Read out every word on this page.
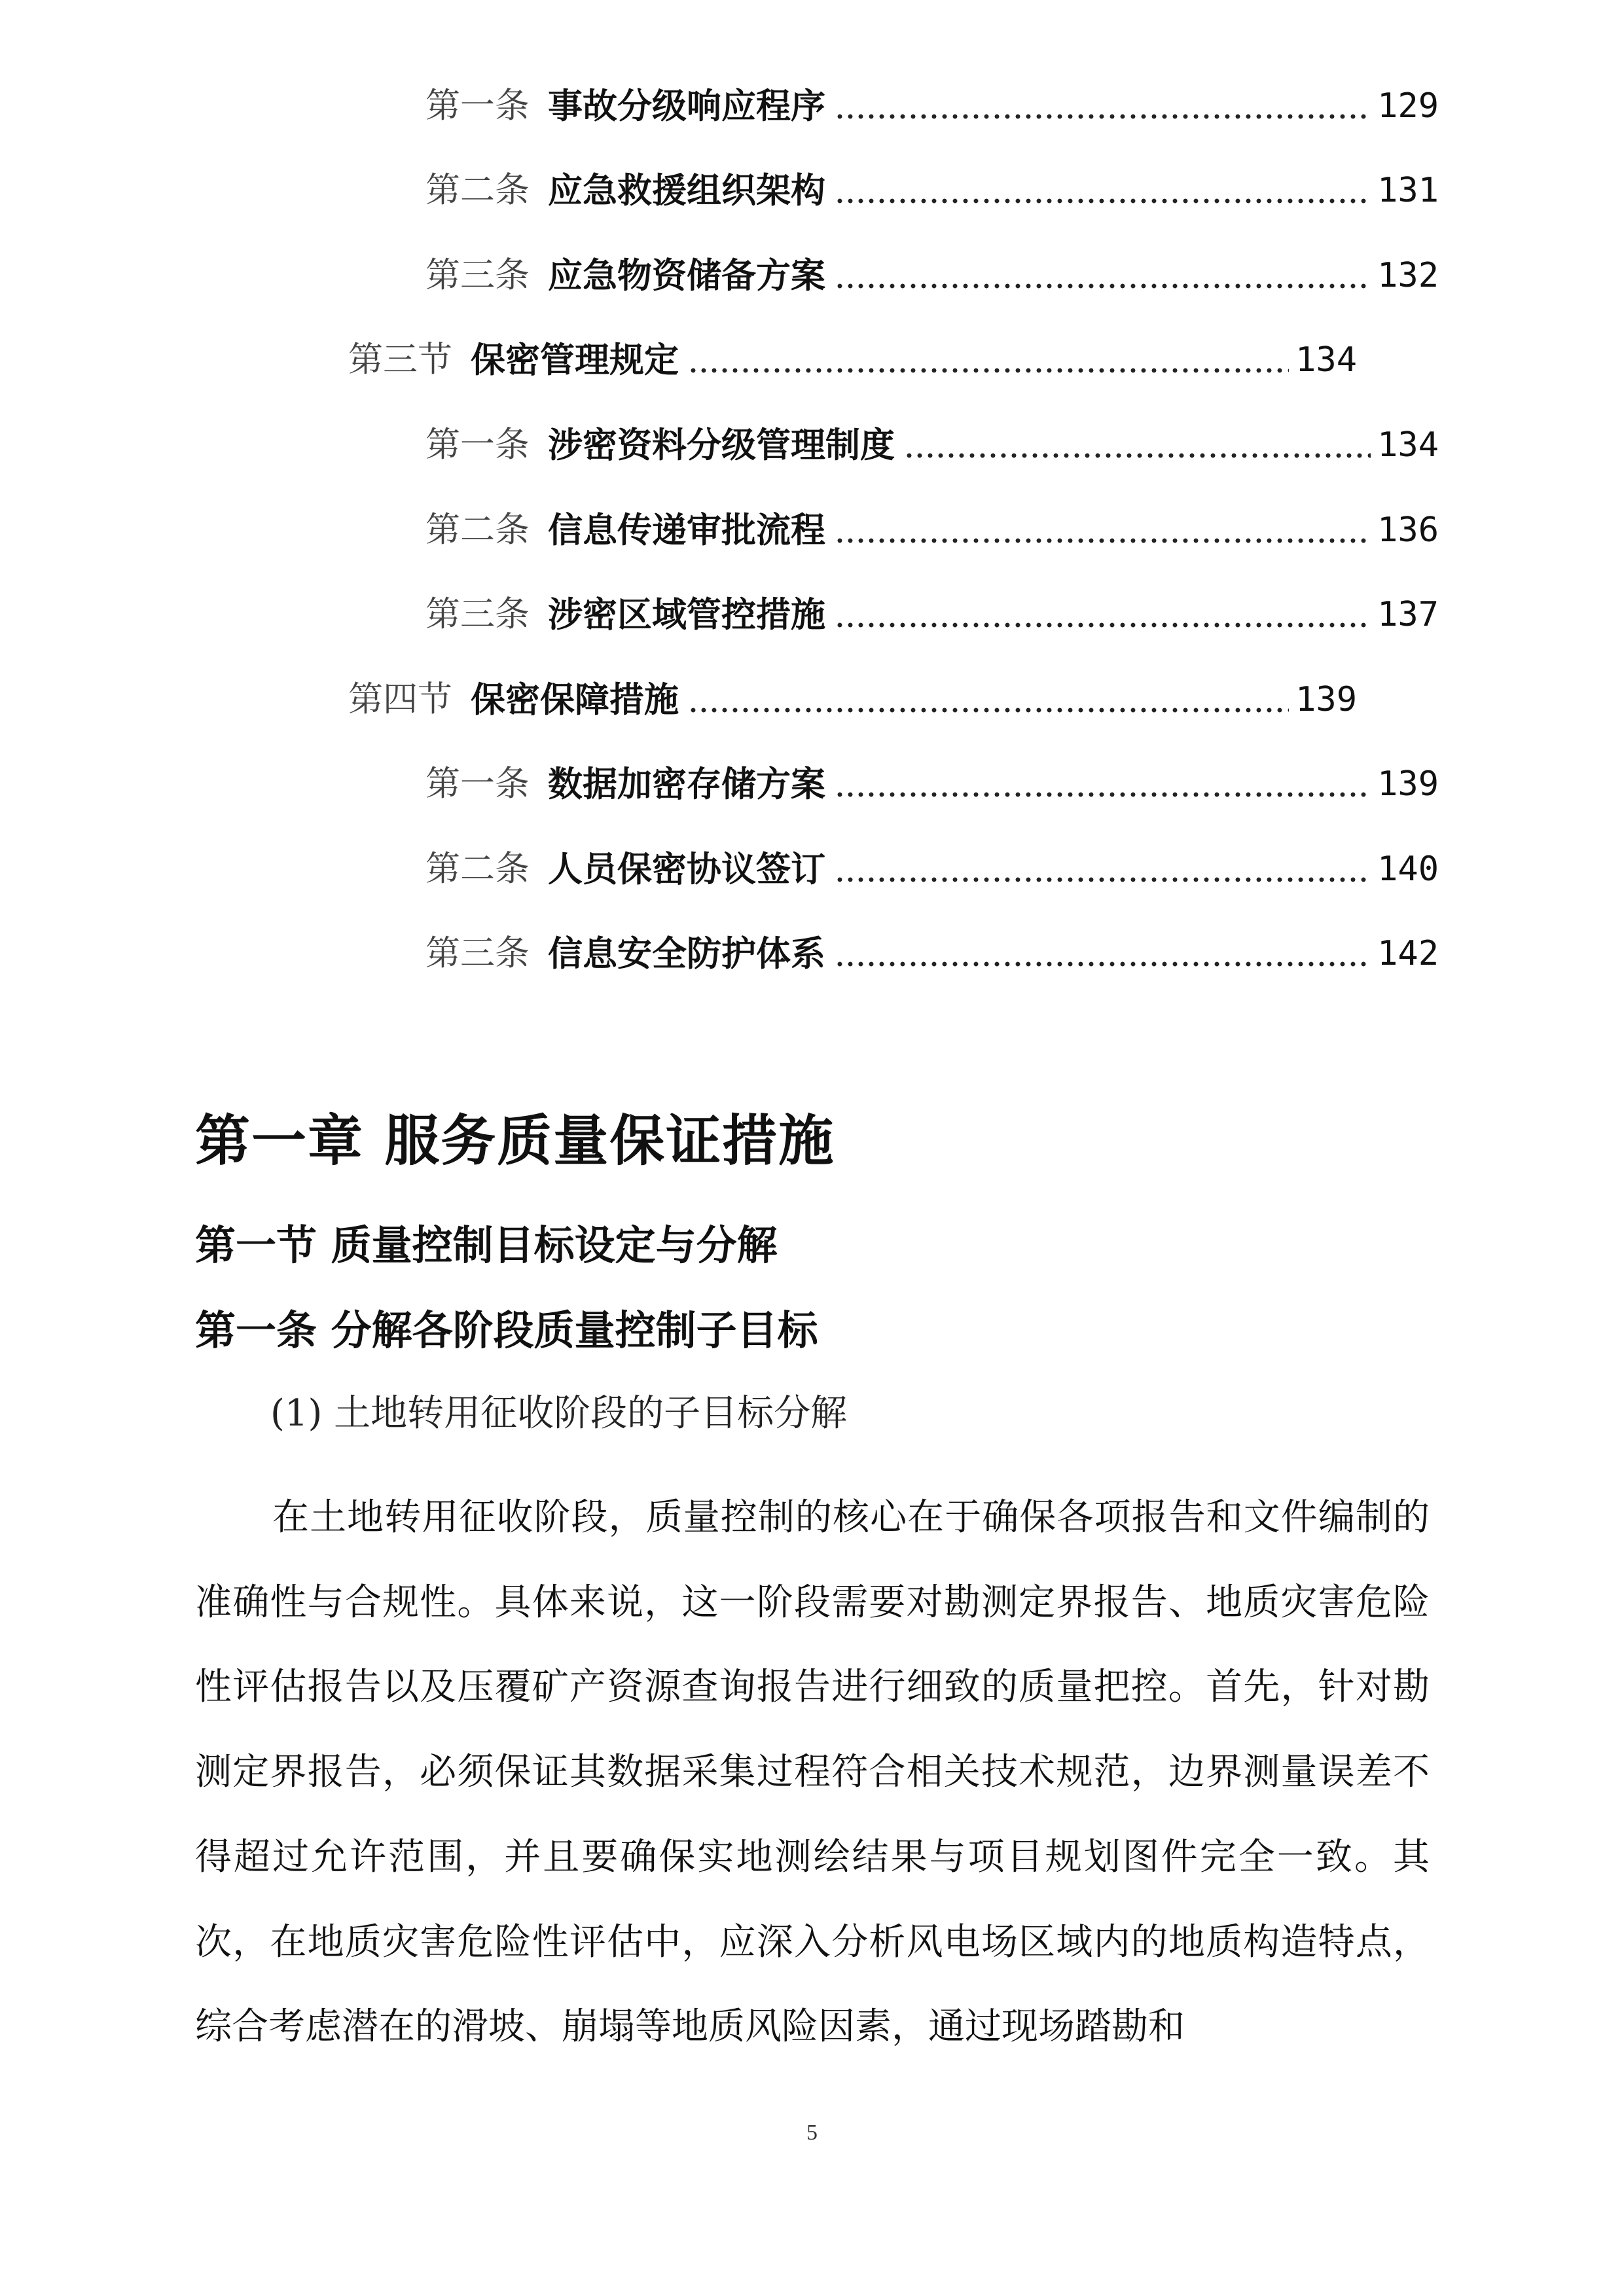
第一条 事故分级响应程序	129
第二条 应急救援组织架构	131
第三条 应急物资储备方案	132
第三节 保密管理规定	134
第一条 涉密资料分级管理制度	134
第二条 信息传递审批流程	136
第三条 涉密区域管控措施	137
第四节 保密保障措施	139
第一条 数据加密存储方案	139
第二条 人员保密协议签订	140
第三条 信息安全防护体系	142
第一章 服务质量保证措施
第一节 质量控制目标设定与分解
第一条 分解各阶段质量控制子目标

(1) 土地转用征收阶段的子目标分解

在土地转用征收阶段，质量控制的核心在于确保各项报告和文件编制的准确性与合规性。具体来说，这一阶段需要对勘测定界报告、地质灾害危险性评估报告以及压覆矿产资源查询报告进行细致的质量把控。首先，针对勘测定界报告，必须保证其数据采集过程符合相关技术规范，边界测量误差不得超过允许范围，并且要确保实地测绘结果与项目规划图件完全一致。其次，在地质灾害危险性评估中，应深入分析风电场区域内的地质构造特点，综合考虑潜在的滑坡、崩塌等地质风险因素，通过现场踏勘和

5
